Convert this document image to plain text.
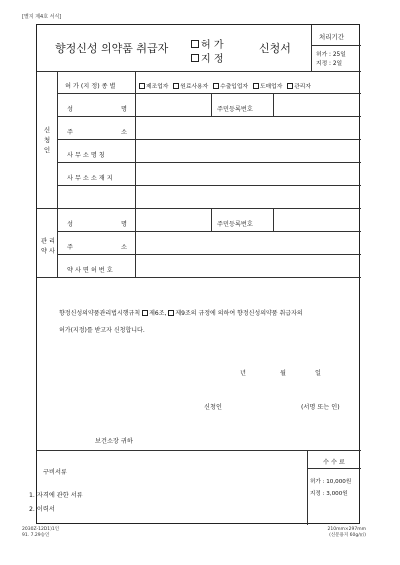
[별지 제4호 서식]
향정신성 의약품 취급자	허 가
지 정
신청서
처리기간
허가 : 25일
지정 : 2일
신
청
인
허 가 (지 정) 종 별	제조업자 원료사용자 수출입업자 도매업자 관리자
성	명	주민등록번호
주	소
사 무 소 명 칭
사 무 소 소 재 지
관 리
약 사
성	명	주민등록번호
주	소
약 사 면 허 번 호
향정신성의약품관리법시행규칙 제6조, 제9조의 규정에 의하여 향정신성의약품 취급자의
허가(지정)를 받고자 신청합니다.
년	월	일
신청인	(서명 또는 인)
보건소장 귀하
수 수 료
허가 : 10,000원
지정 : 3,000원
구비서류
1. 자격에 관한 서류
2. 이력서
2030Z-12D1)1인
91. 7.29승인
210mm×297mm
(신문용지 60g/㎡)
